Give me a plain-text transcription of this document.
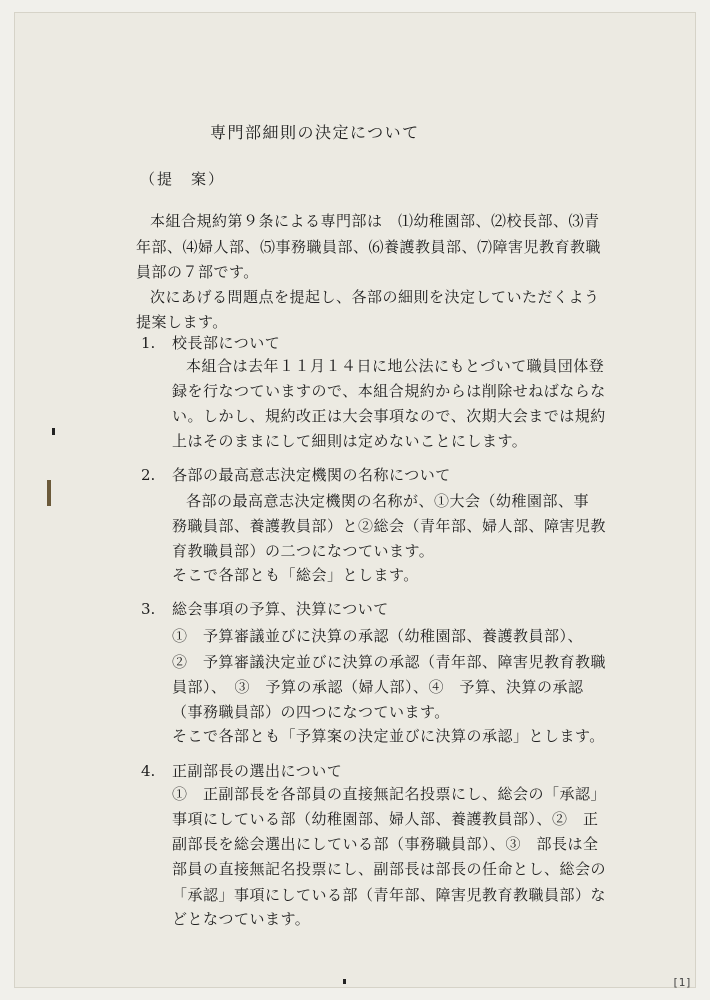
専門部細則の決定について
（提　案）
本組合規約第９条による専門部は　⑴幼稚園部、⑵校長部、⑶青
年部、⑷婦人部、⑸事務職員部、⑹養護教員部、⑺障害児教育教職
員部の７部です。
次にあげる問題点を提起し、各部の細則を決定していただくよう
提案します。
1. 校長部について
本組合は去年１１月１４日に地公法にもとづいて職員団体登
録を行なつていますので、本組合規約からは削除せねばならな
い。しかし、規約改正は大会事項なので、次期大会までは規約
上はそのままにして細則は定めないことにします。
2. 各部の最高意志決定機関の名称について
各部の最高意志決定機関の名称が、①大会（幼稚園部、事
務職員部、養護教員部）と②総会（青年部、婦人部、障害児教
育教職員部）の二つになつています。
そこで各部とも「総会」とします。
3. 総会事項の予算、決算について
①　予算審議並びに決算の承認（幼稚園部、養護教員部）、
②　予算審議決定並びに決算の承認（青年部、障害児教育教職
員部）、　③　予算の承認（婦人部）、④　予算、決算の承認
（事務職員部）の四つになつています。
そこで各部とも「予算案の決定並びに決算の承認」とします。
4. 正副部長の選出について
①　正副部長を各部員の直接無記名投票にし、総会の「承認」
事項にしている部（幼稚園部、婦人部、養護教員部）、②　正
副部長を総会選出にしている部（事務職員部）、③　部長は全
部員の直接無記名投票にし、副部長は部長の任命とし、総会の
「承認」事項にしている部（青年部、障害児教育教職員部）な
どとなつています。
[1]
